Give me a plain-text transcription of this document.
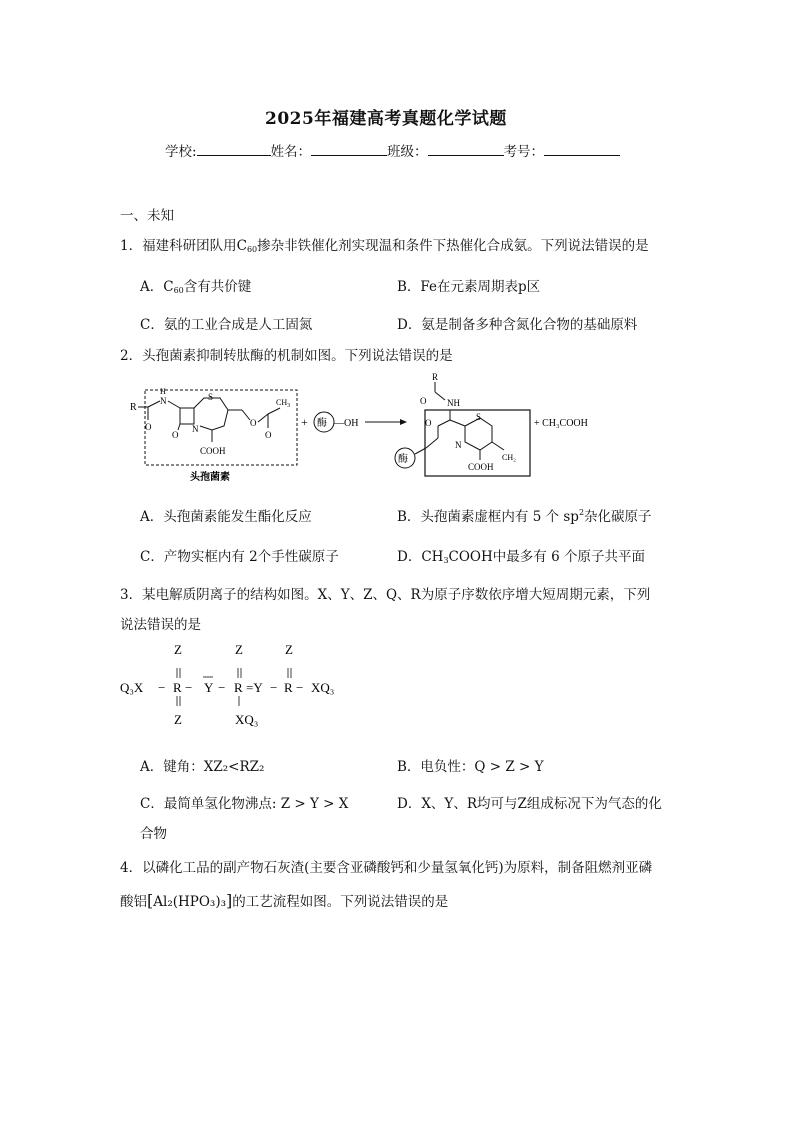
2025年福建高考真题化学试题
学校:	姓名：	班级：	考号：
一、未知
1．福建科研团队用$C_{60}$掺杂非铁催化剂实现温和条件下热催化合成氨。下列说法错误的是
A．$C_{60}$含有共价键	B．Fe在元素周期表p区
C．氨的工业合成是人工固氮	D．氨是制备多种含氮化合物的基础原料
2．头孢菌素抑制转肽酶的机制如图。下列说法错误的是
R
O
H
N
O
N
S
O
O
$CH_3$
COOH
头孢菌素
+ 酶 —OH
R
O NH
O
酶
S
N
CH₂
COOH
+ CH₃COOH
A．头孢菌素能发生酯化反应	B．头孢菌素虚框内有 5 个 $sp^2$杂化碳原子
C．产物实框内有 2个手性碳原子	D．$CH_3COOH$中最多有 6 个原子共平面
3．某电解质阴离子的结构如图。X、Y、Z、Q、R为原子序数依序增大短周期元素，下列
说法错误的是
Z	Z	Z
Q₃X − R − Y − R =Y − R − XQ₃
Z	XQ₃
A．键角：XZ₂<RZ₂	B．电负性：Q > Z > Y
C．最简单氢化物沸点: Z > Y > X	D．X、Y、R均可与Z组成标况下为气态的化
合物
4．以磷化工品的副产物石灰渣(主要含亚磷酸钙和少量氢氧化钙)为原料，制备阻燃剂亚磷
酸铝[Al₂(HPO₃)₃]的工艺流程如图。下列说法错误的是
